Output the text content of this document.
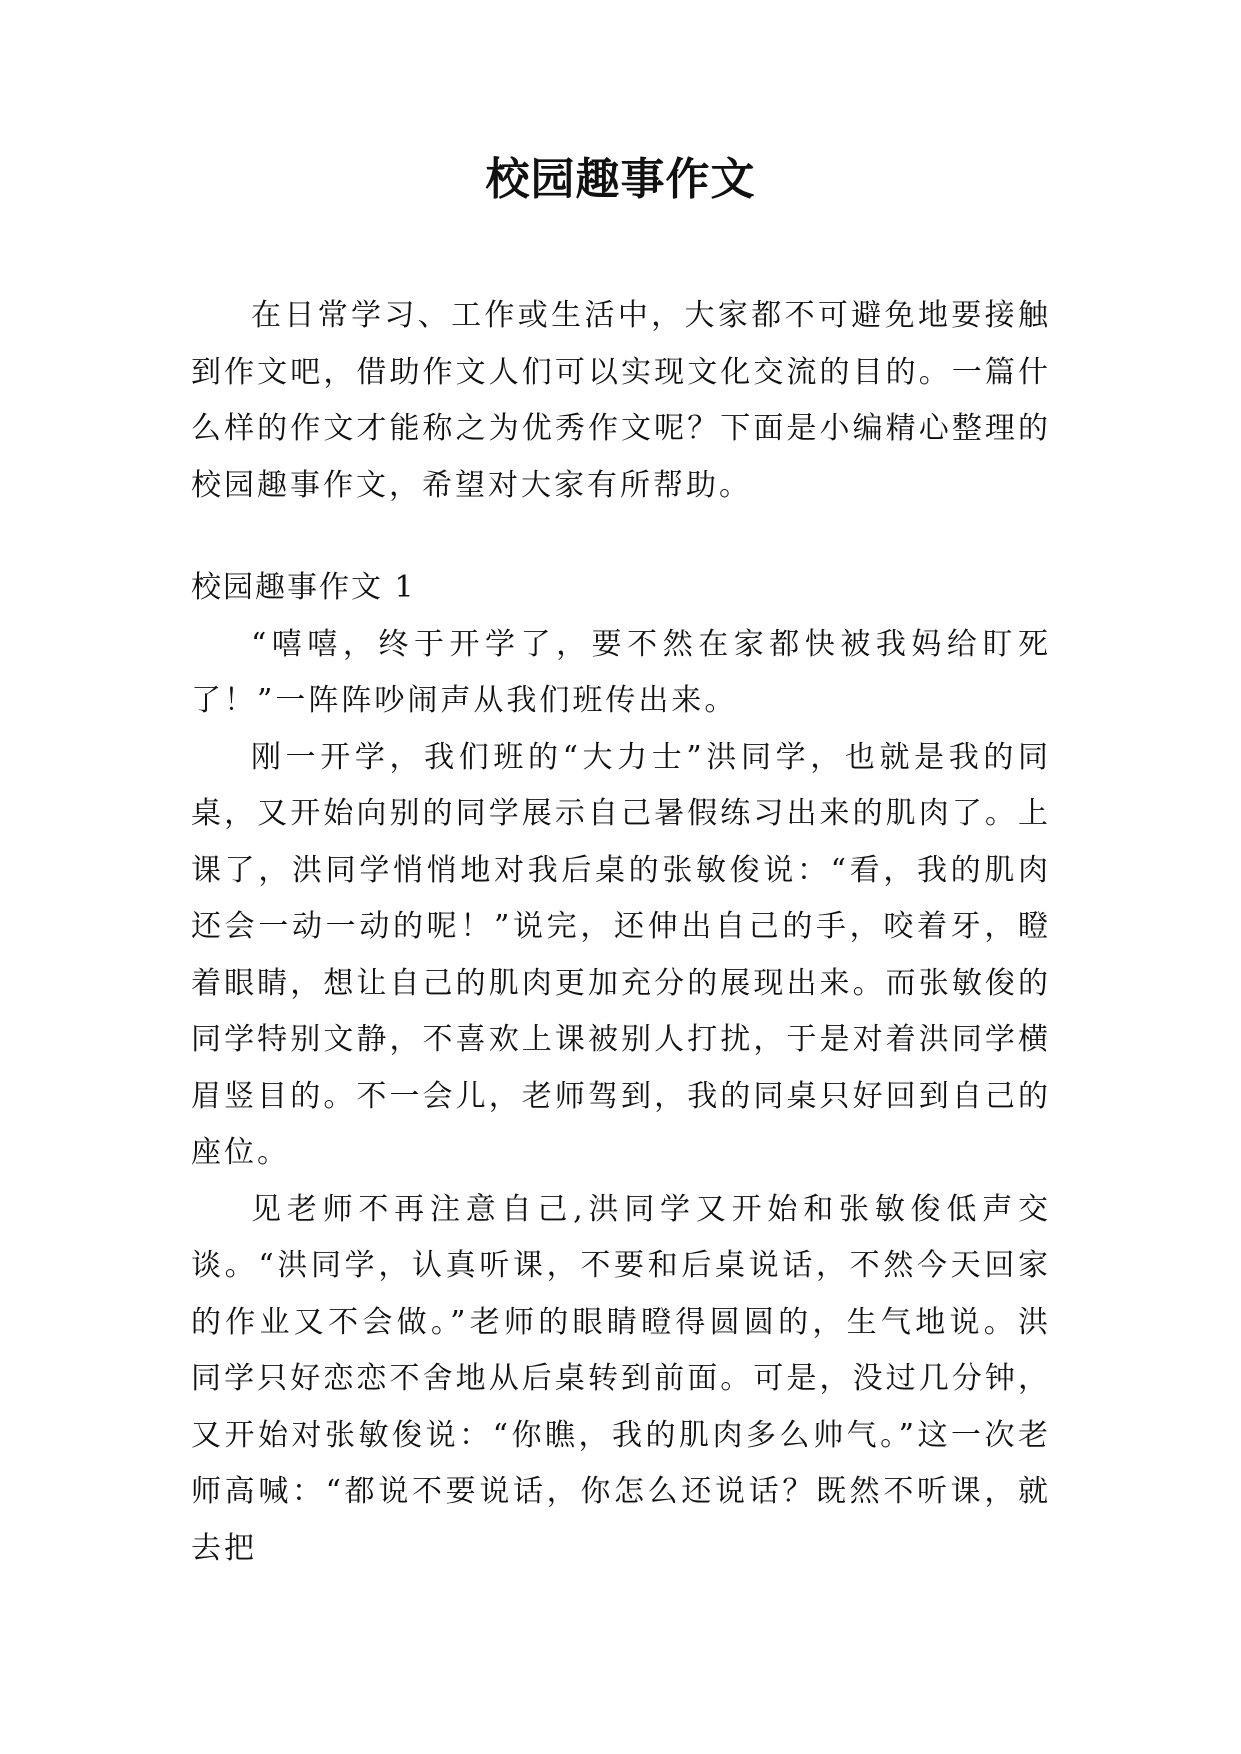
校园趣事作文

在日常学习、工作或生活中，大家都不可避免地要接触到作文吧，借助作文人们可以实现文化交流的目的。一篇什么样的作文才能称之为优秀作文呢？下面是小编精心整理的校园趣事作文，希望对大家有所帮助。

校园趣事作文 1

“嘻嘻，终于开学了，要不然在家都快被我妈给盯死了！”一阵阵吵闹声从我们班传出来。

刚一开学，我们班的“大力士”洪同学，也就是我的同桌，又开始向别的同学展示自己暑假练习出来的肌肉了。上课了，洪同学悄悄地对我后桌的张敏俊说：“看，我的肌肉还会一动一动的呢！”说完，还伸出自己的手，咬着牙，瞪着眼睛，想让自己的肌肉更加充分的展现出来。而张敏俊的同学特别文静，不喜欢上课被别人打扰，于是对着洪同学横眉竖目的。不一会儿，老师驾到，我的同桌只好回到自己的座位。

见老师不再注意自己,洪同学又开始和张敏俊低声交谈。“洪同学，认真听课，不要和后桌说话，不然今天回家的作业又不会做。”老师的眼睛瞪得圆圆的，生气地说。洪同学只好恋恋不舍地从后桌转到前面。可是，没过几分钟，又开始对张敏俊说：“你瞧，我的肌肉多么帅气。”这一次老师高喊：“都说不要说话，你怎么还说话？既然不听课，就去把
